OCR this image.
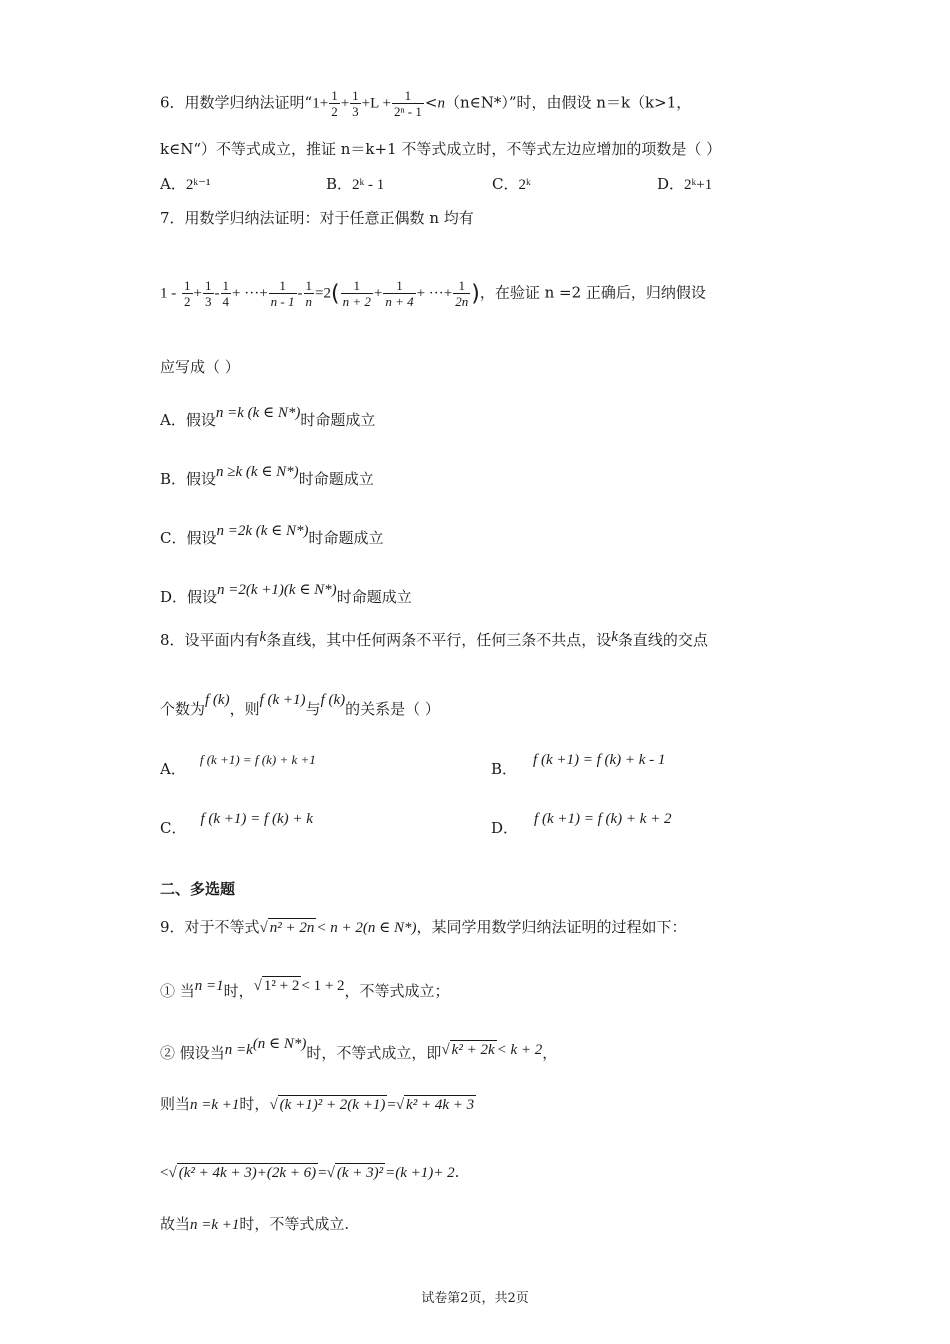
6．用数学归纳法证明“$1+ \frac{1}{2} + \frac{1}{3} +L + \frac{1}{\text{2ⁿ - 1}}$ <n（n∈N*）”时，由假设 n＝k（k>1，
k∈N“）不等式成立，推证 n＝k+1 不等式成立时，不等式左边应增加的项数是（ ）
A．2ᵏ⁻¹	B．2ᵏ - 1	C．2ᵏ	D．2ᵏ+1
7．用数学归纳法证明：对于任意正偶数 n 均有
$1 - \frac{1}{2} + \frac{1}{3} - \frac{1}{4}$ + ···+ $\frac{1}{n - 1} - \frac{1}{n} =2( \frac{1}{n + 2} + \frac{1}{n + 4}$ + ···+ $\frac{1}{2n}$ )，在验证 n =2 正确后，归纳假设
应写成（ ）
A．假设n =k (k ∈ N*)时命题成立
B．假设n ≥k (k ∈ N*)时命题成立
C．假设n =2k (k ∈ N*)时命题成立
D．假设n =2(k +1)(k ∈ N*)时命题成立
8．设平面内有k条直线，其中任何两条不平行，任何三条不共点，设k条直线的交点
个数为f (k)，则f (k +1)与f (k)的关系是（ ）
A．f (k +1) = f (k) + k +1
B． f (k +1) = f (k) + k - 1
C． f (k +1) = f (k) + k	D． f (k +1) = f (k) + k + 2
二、多选题
9．对于不等式√ n² + 2n < n + 2(n ∈ N*)，某同学用数学归纳法证明的过程如下：
① 当n =1时，√ 1² + 2 < 1 + 2，不等式成立；
② 假设当n =k(n ∈ N*)时，不等式成立，即√ k² + 2k < k + 2，
则当n =k +1时，√ (k +1)² + 2(k +1) =√ k² + 4k + 3
<√ (k² + 4k + 3)+(2k + 6) =√ (k + 3)² =(k +1)+ 2.
故当n =k +1时，不等式成立.
试卷第2页，共2页
